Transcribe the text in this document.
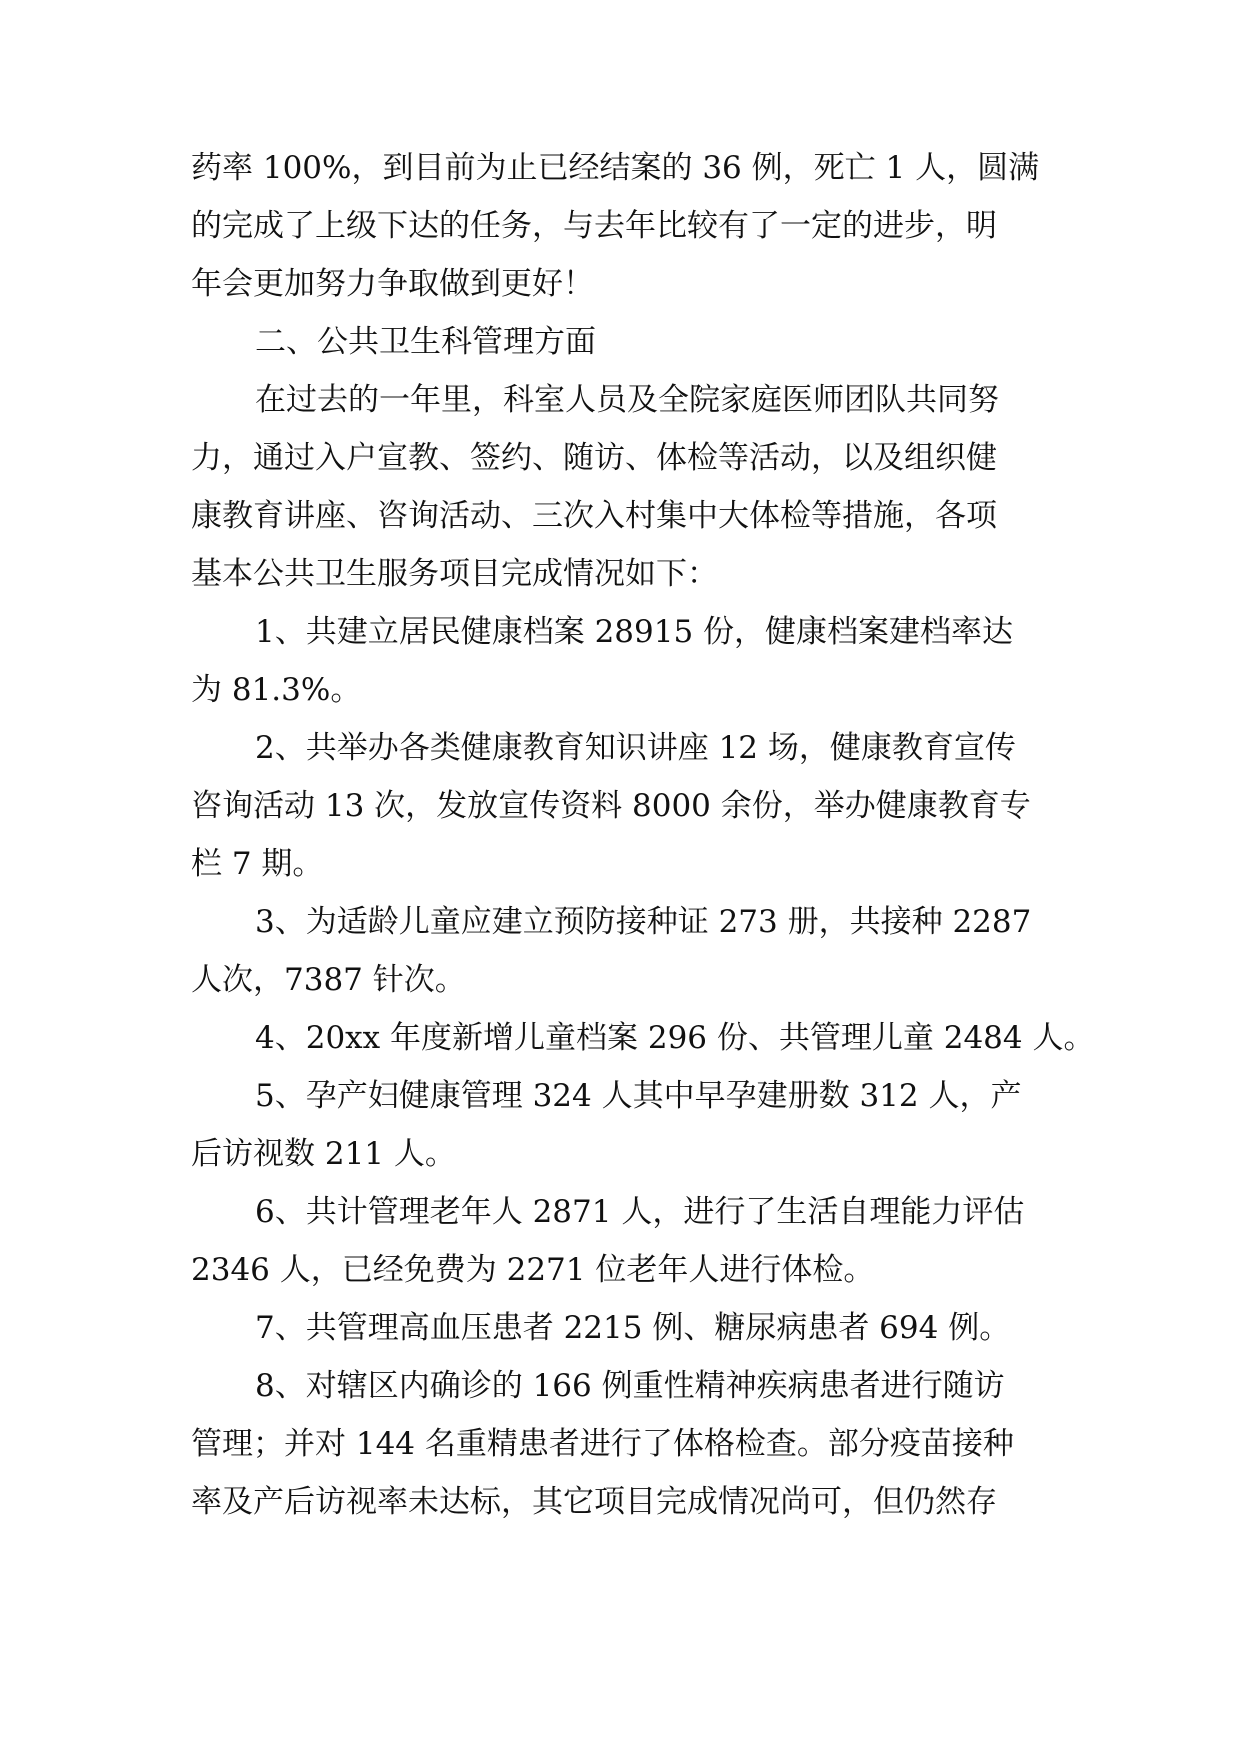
药率 100%，到目前为止已经结案的 36 例，死亡 1 人，圆满
的完成了上级下达的任务，与去年比较有了一定的进步，明
年会更加努力争取做到更好！
二、公共卫生科管理方面
在过去的一年里，科室人员及全院家庭医师团队共同努
力，通过入户宣教、签约、随访、体检等活动，以及组织健
康教育讲座、咨询活动、三次入村集中大体检等措施，各项
基本公共卫生服务项目完成情况如下：
1、共建立居民健康档案 28915 份，健康档案建档率达
为 81.3%。
2、共举办各类健康教育知识讲座 12 场，健康教育宣传
咨询活动 13 次，发放宣传资料 8000 余份，举办健康教育专
栏 7 期。
3、为适龄儿童应建立预防接种证 273 册，共接种 2287
人次，7387 针次。
4、20xx 年度新增儿童档案 296 份、共管理儿童 2484 人。
5、孕产妇健康管理 324 人其中早孕建册数 312 人，产
后访视数 211 人。
6、共计管理老年人 2871 人，进行了生活自理能力评估
2346 人，已经免费为 2271 位老年人进行体检。
7、共管理高血压患者 2215 例、糖尿病患者 694 例。
8、对辖区内确诊的 166 例重性精神疾病患者进行随访
管理；并对 144 名重精患者进行了体格检查。部分疫苗接种
率及产后访视率未达标，其它项目完成情况尚可，但仍然存
